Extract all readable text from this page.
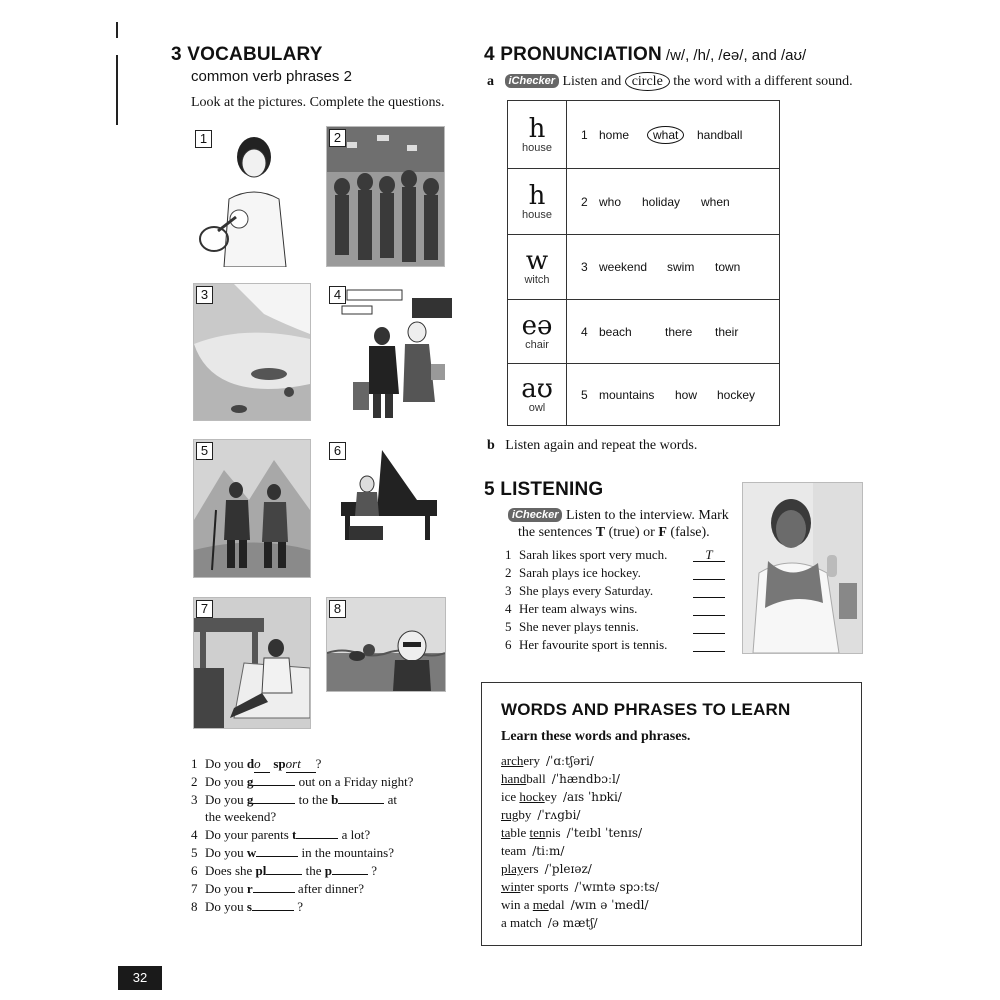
3 VOCABULARY
common verb phrases 2
Look at the pictures. Complete the questions.
1	2
3	4
5	6
7	8
1 Do you do sport ?
2 Do you g	out on a Friday night?
3 Do you g	to the b	at
the weekend?
4 Do your parents t	a lot?
5 Do you w	in the mountains?
6 Does she pl	the p	?
7 Do you r	after dinner?
8 Do you s	?
4 PRONUNCIATION /w/, /h/, /eə/, and /aʊ/
a iChecker Listen and circle the word with a different sound.
h
house	1 home what handball

h
house	2 who holiday when

w
witch	3 weekend swim town

eə
chair	4 beach there their

aʊ
owl	5 mountains how hockey
b Listen again and repeat the words.
5 LISTENING
iChecker Listen to the interview. Mark
the sentences T (true) or F (false).
1 Sarah likes sport very much.	T
2 Sarah plays ice hockey.
3 She plays every Saturday.
4 Her team always wins.
5 She never plays tennis.
6 Her favourite sport is tennis.
WORDS AND PHRASES TO LEARN
Learn these words and phrases.
archery /ˈɑːtʃəri/
handball /ˈhændbɔːl/
ice hockey /aɪs ˈhɒki/
rugby /ˈrʌgbi/
table tennis /ˈteɪbl ˈtenɪs/
team /tiːm/
players /ˈpleɪəz/
winter sports /ˈwɪntə spɔːts/
win a medal /wɪn ə ˈmedl/
a match /ə mætʃ/
32
